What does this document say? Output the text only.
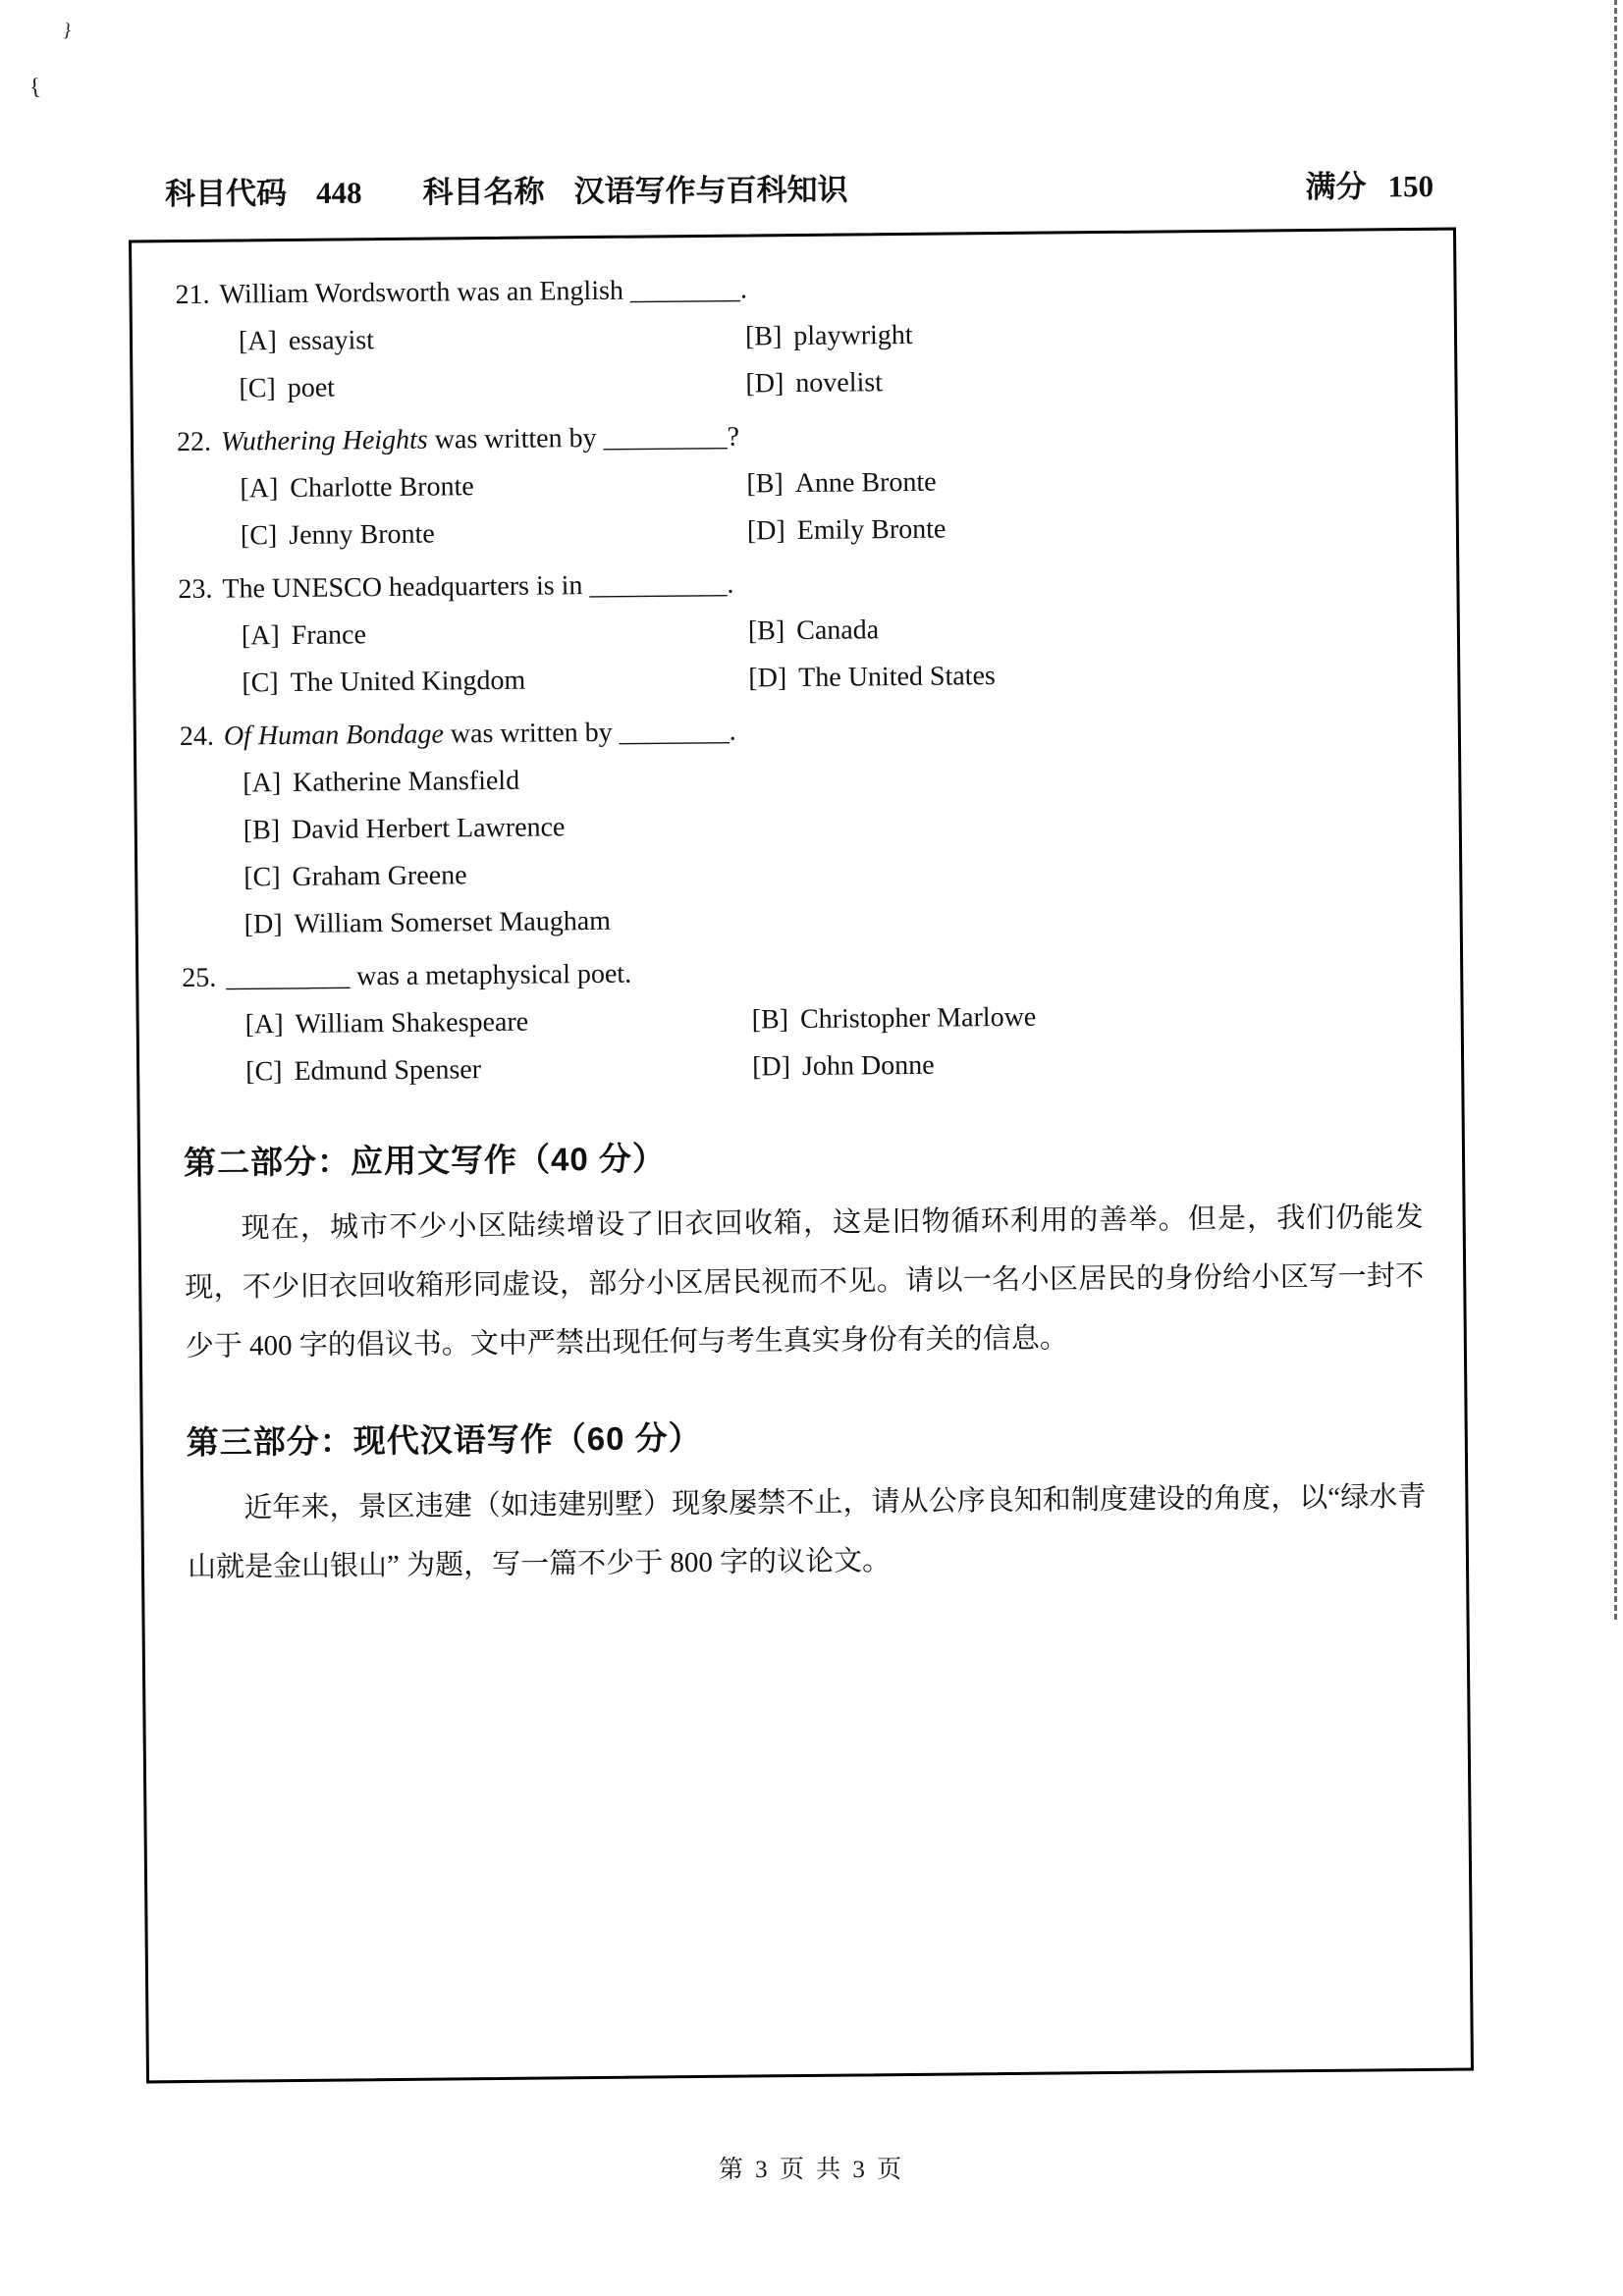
}
{
科目代码 448 科目名称 汉语写作与百科知识	满分 150
21. William Wordsworth was an English ________.
[A] essayist	[B] playwright
[C] poet	[D] novelist
22. Wuthering Heights was written by _________?
[A] Charlotte Bronte	[B] Anne Bronte
[C] Jenny Bronte	[D] Emily Bronte
23. The UNESCO headquarters is in __________.
[A] France	[B] Canada
[C] The United Kingdom	[D] The United States
24. Of Human Bondage was written by ________.
[A] Katherine Mansfield
[B] David Herbert Lawrence
[C] Graham Greene
[D] William Somerset Maugham
25. _________ was a metaphysical poet.
[A] William Shakespeare	[B] Christopher Marlowe
[C] Edmund Spenser	[D] John Donne
第二部分：应用文写作（40 分）
现在，城市不少小区陆续增设了旧衣回收箱，这是旧物循环利用的善举。但是，我们仍能发现，不少旧衣回收箱形同虚设，部分小区居民视而不见。请以一名小区居民的身份给小区写一封不少于 400 字的倡议书。文中严禁出现任何与考生真实身份有关的信息。
第三部分：现代汉语写作（60 分）
近年来，景区违建（如违建别墅）现象屡禁不止，请从公序良知和制度建设的角度，以“绿水青山就是金山银山” 为题，写一篇不少于 800 字的议论文。
第 3 页 共 3 页
